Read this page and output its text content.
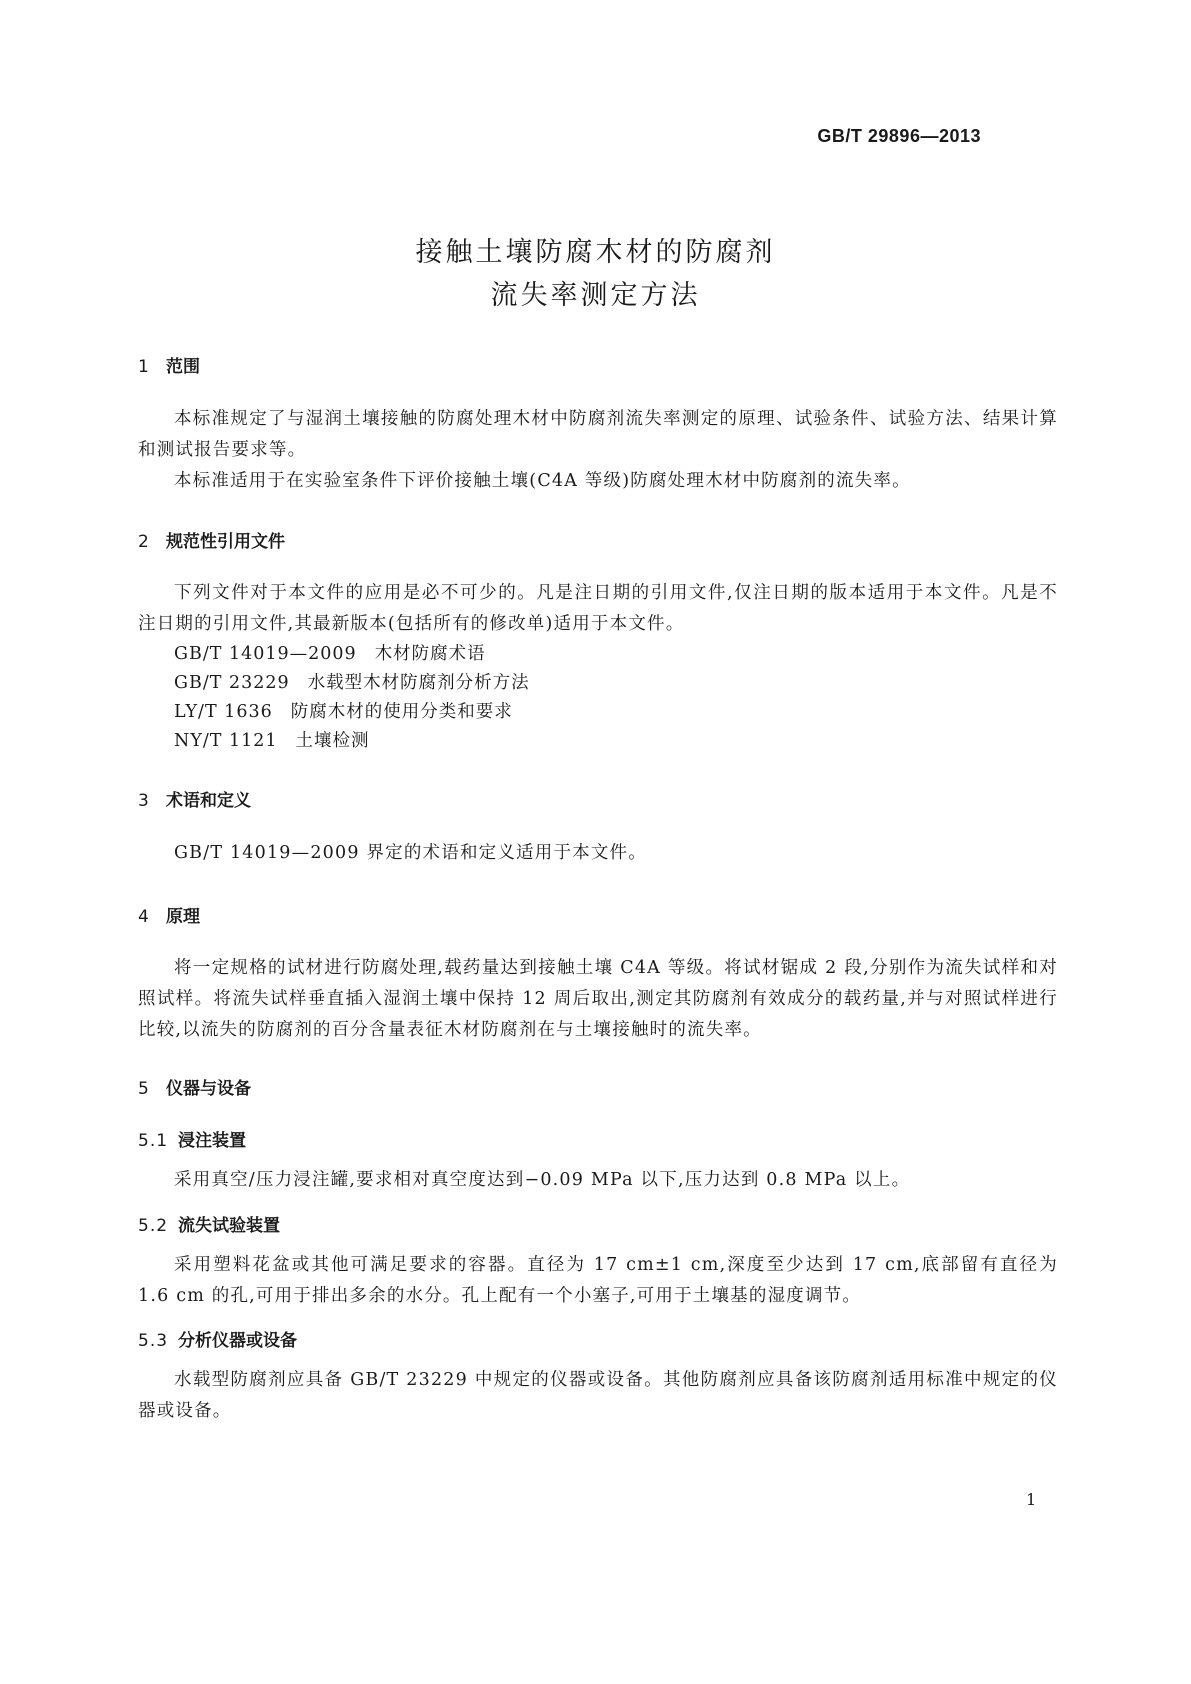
GB/T 29896—2013
接触土壤防腐木材的防腐剂
流失率测定方法
1 范围
本标准规定了与湿润土壤接触的防腐处理木材中防腐剂流失率测定的原理、试验条件、试验方法、结果计算和测试报告要求等。
本标准适用于在实验室条件下评价接触土壤(C4A 等级)防腐处理木材中防腐剂的流失率。
2 规范性引用文件
下列文件对于本文件的应用是必不可少的。凡是注日期的引用文件,仅注日期的版本适用于本文件。凡是不注日期的引用文件,其最新版本(包括所有的修改单)适用于本文件。
GB/T 14019—2009 木材防腐术语
GB/T 23229 水载型木材防腐剂分析方法
LY/T 1636 防腐木材的使用分类和要求
NY/T 1121 土壤检测
3 术语和定义
GB/T 14019—2009 界定的术语和定义适用于本文件。
4 原理
将一定规格的试材进行防腐处理,载药量达到接触土壤 C4A 等级。将试材锯成 2 段,分别作为流失试样和对照试样。将流失试样垂直插入湿润土壤中保持 12 周后取出,测定其防腐剂有效成分的载药量,并与对照试样进行比较,以流失的防腐剂的百分含量表征木材防腐剂在与土壤接触时的流失率。
5 仪器与设备
5.1 浸注装置
采用真空/压力浸注罐,要求相对真空度达到−0.09 MPa 以下,压力达到 0.8 MPa 以上。
5.2 流失试验装置
采用塑料花盆或其他可满足要求的容器。直径为 17 cm±1 cm,深度至少达到 17 cm,底部留有直径为 1.6 cm 的孔,可用于排出多余的水分。孔上配有一个小塞子,可用于土壤基的湿度调节。
5.3 分析仪器或设备
水载型防腐剂应具备 GB/T 23229 中规定的仪器或设备。其他防腐剂应具备该防腐剂适用标准中规定的仪器或设备。
1
